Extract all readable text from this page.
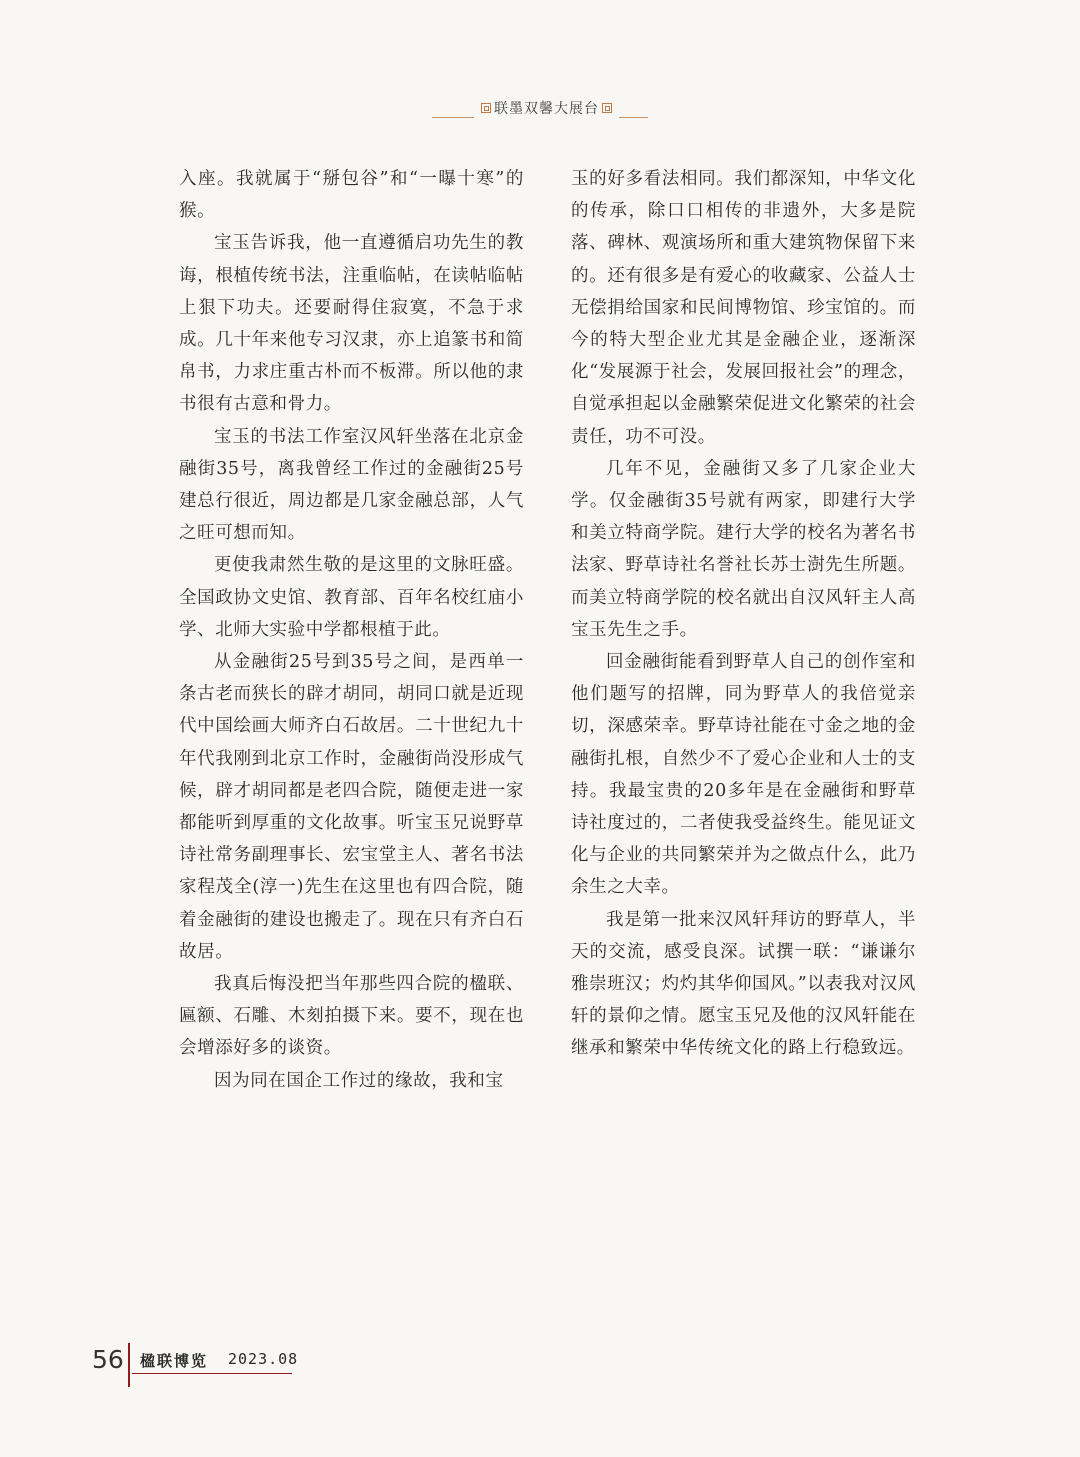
联墨双馨大展台

入座。我就属于“掰包谷”和“一曝十寒”的猴。

宝玉告诉我，他一直遵循启功先生的教诲，根植传统书法，注重临帖，在读帖临帖上狠下功夫。还要耐得住寂寞，不急于求成。几十年来他专习汉隶，亦上追篆书和简帛书，力求庄重古朴而不板滞。所以他的隶书很有古意和骨力。

宝玉的书法工作室汉风轩坐落在北京金融街35号，离我曾经工作过的金融街25号建总行很近，周边都是几家金融总部，人气之旺可想而知。

更使我肃然生敬的是这里的文脉旺盛。全国政协文史馆、教育部、百年名校红庙小学、北师大实验中学都根植于此。

从金融街25号到35号之间，是西单一条古老而狭长的辟才胡同，胡同口就是近现代中国绘画大师齐白石故居。二十世纪九十年代我刚到北京工作时，金融街尚没形成气候，辟才胡同都是老四合院，随便走进一家都能听到厚重的文化故事。听宝玉兄说野草诗社常务副理事长、宏宝堂主人、著名书法家程茂全(淳一)先生在这里也有四合院，随着金融街的建设也搬走了。现在只有齐白石故居。

我真后悔没把当年那些四合院的楹联、匾额、石雕、木刻拍摄下来。要不，现在也会增添好多的谈资。

因为同在国企工作过的缘故，我和宝

玉的好多看法相同。我们都深知，中华文化的传承，除口口相传的非遗外，大多是院落、碑林、观演场所和重大建筑物保留下来的。还有很多是有爱心的收藏家、公益人士无偿捐给国家和民间博物馆、珍宝馆的。而今的特大型企业尤其是金融企业，逐渐深化“发展源于社会，发展回报社会”的理念，自觉承担起以金融繁荣促进文化繁荣的社会责任，功不可没。

几年不见，金融街又多了几家企业大学。仅金融街35号就有两家，即建行大学和美立特商学院。建行大学的校名为著名书法家、野草诗社名誉社长苏士澍先生所题。而美立特商学院的校名就出自汉风轩主人高宝玉先生之手。

回金融街能看到野草人自己的创作室和他们题写的招牌，同为野草人的我倍觉亲切，深感荣幸。野草诗社能在寸金之地的金融街扎根，自然少不了爱心企业和人士的支持。我最宝贵的20多年是在金融街和野草诗社度过的，二者使我受益终生。能见证文化与企业的共同繁荣并为之做点什么，此乃余生之大幸。

我是第一批来汉风轩拜访的野草人，半天的交流，感受良深。试撰一联：“谦谦尔雅崇班汉；灼灼其华仰国风。”以表我对汉风轩的景仰之情。愿宝玉兄及他的汉风轩能在继承和繁荣中华传统文化的路上行稳致远。

56 楹联博览 2023.08
